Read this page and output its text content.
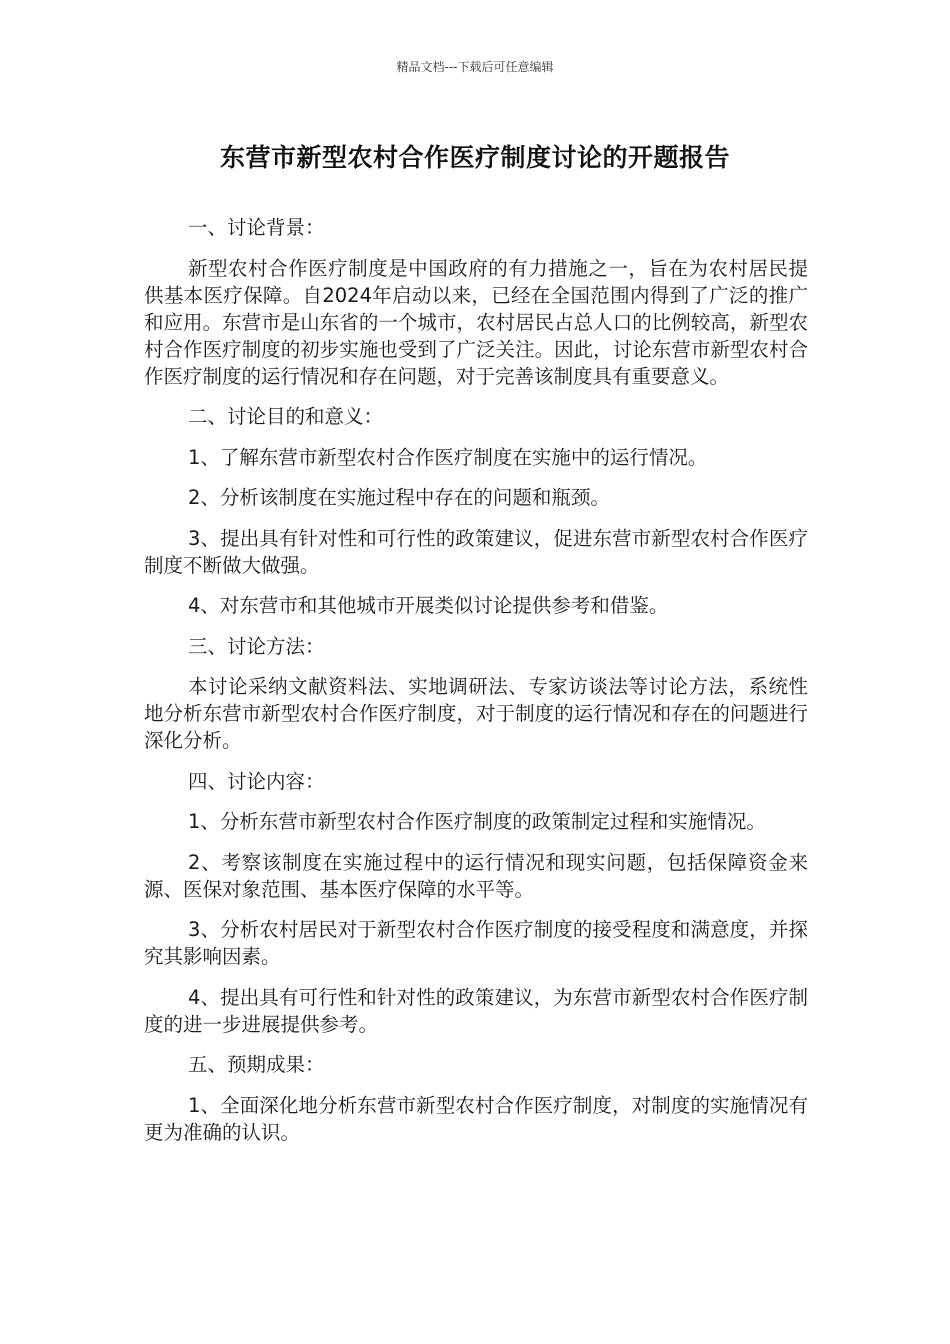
精品文档---下载后可任意编辑
东营市新型农村合作医疗制度讨论的开题报告

一、讨论背景：

新型农村合作医疗制度是中国政府的有力措施之一，旨在为农村居民提供基本医疗保障。自2024年启动以来，已经在全国范围内得到了广泛的推广和应用。东营市是山东省的一个城市，农村居民占总人口的比例较高，新型农村合作医疗制度的初步实施也受到了广泛关注。因此，讨论东营市新型农村合作医疗制度的运行情况和存在问题，对于完善该制度具有重要意义。

二、讨论目的和意义：

1、了解东营市新型农村合作医疗制度在实施中的运行情况。

2、分析该制度在实施过程中存在的问题和瓶颈。

3、提出具有针对性和可行性的政策建议，促进东营市新型农村合作医疗制度不断做大做强。

4、对东营市和其他城市开展类似讨论提供参考和借鉴。

三、讨论方法：

本讨论采纳文献资料法、实地调研法、专家访谈法等讨论方法，系统性地分析东营市新型农村合作医疗制度，对于制度的运行情况和存在的问题进行深化分析。

四、讨论内容：

1、分析东营市新型农村合作医疗制度的政策制定过程和实施情况。

2、考察该制度在实施过程中的运行情况和现实问题，包括保障资金来源、医保对象范围、基本医疗保障的水平等。

3、分析农村居民对于新型农村合作医疗制度的接受程度和满意度，并探究其影响因素。

4、提出具有可行性和针对性的政策建议，为东营市新型农村合作医疗制度的进一步进展提供参考。

五、预期成果：

1、全面深化地分析东营市新型农村合作医疗制度，对制度的实施情况有更为准确的认识。
